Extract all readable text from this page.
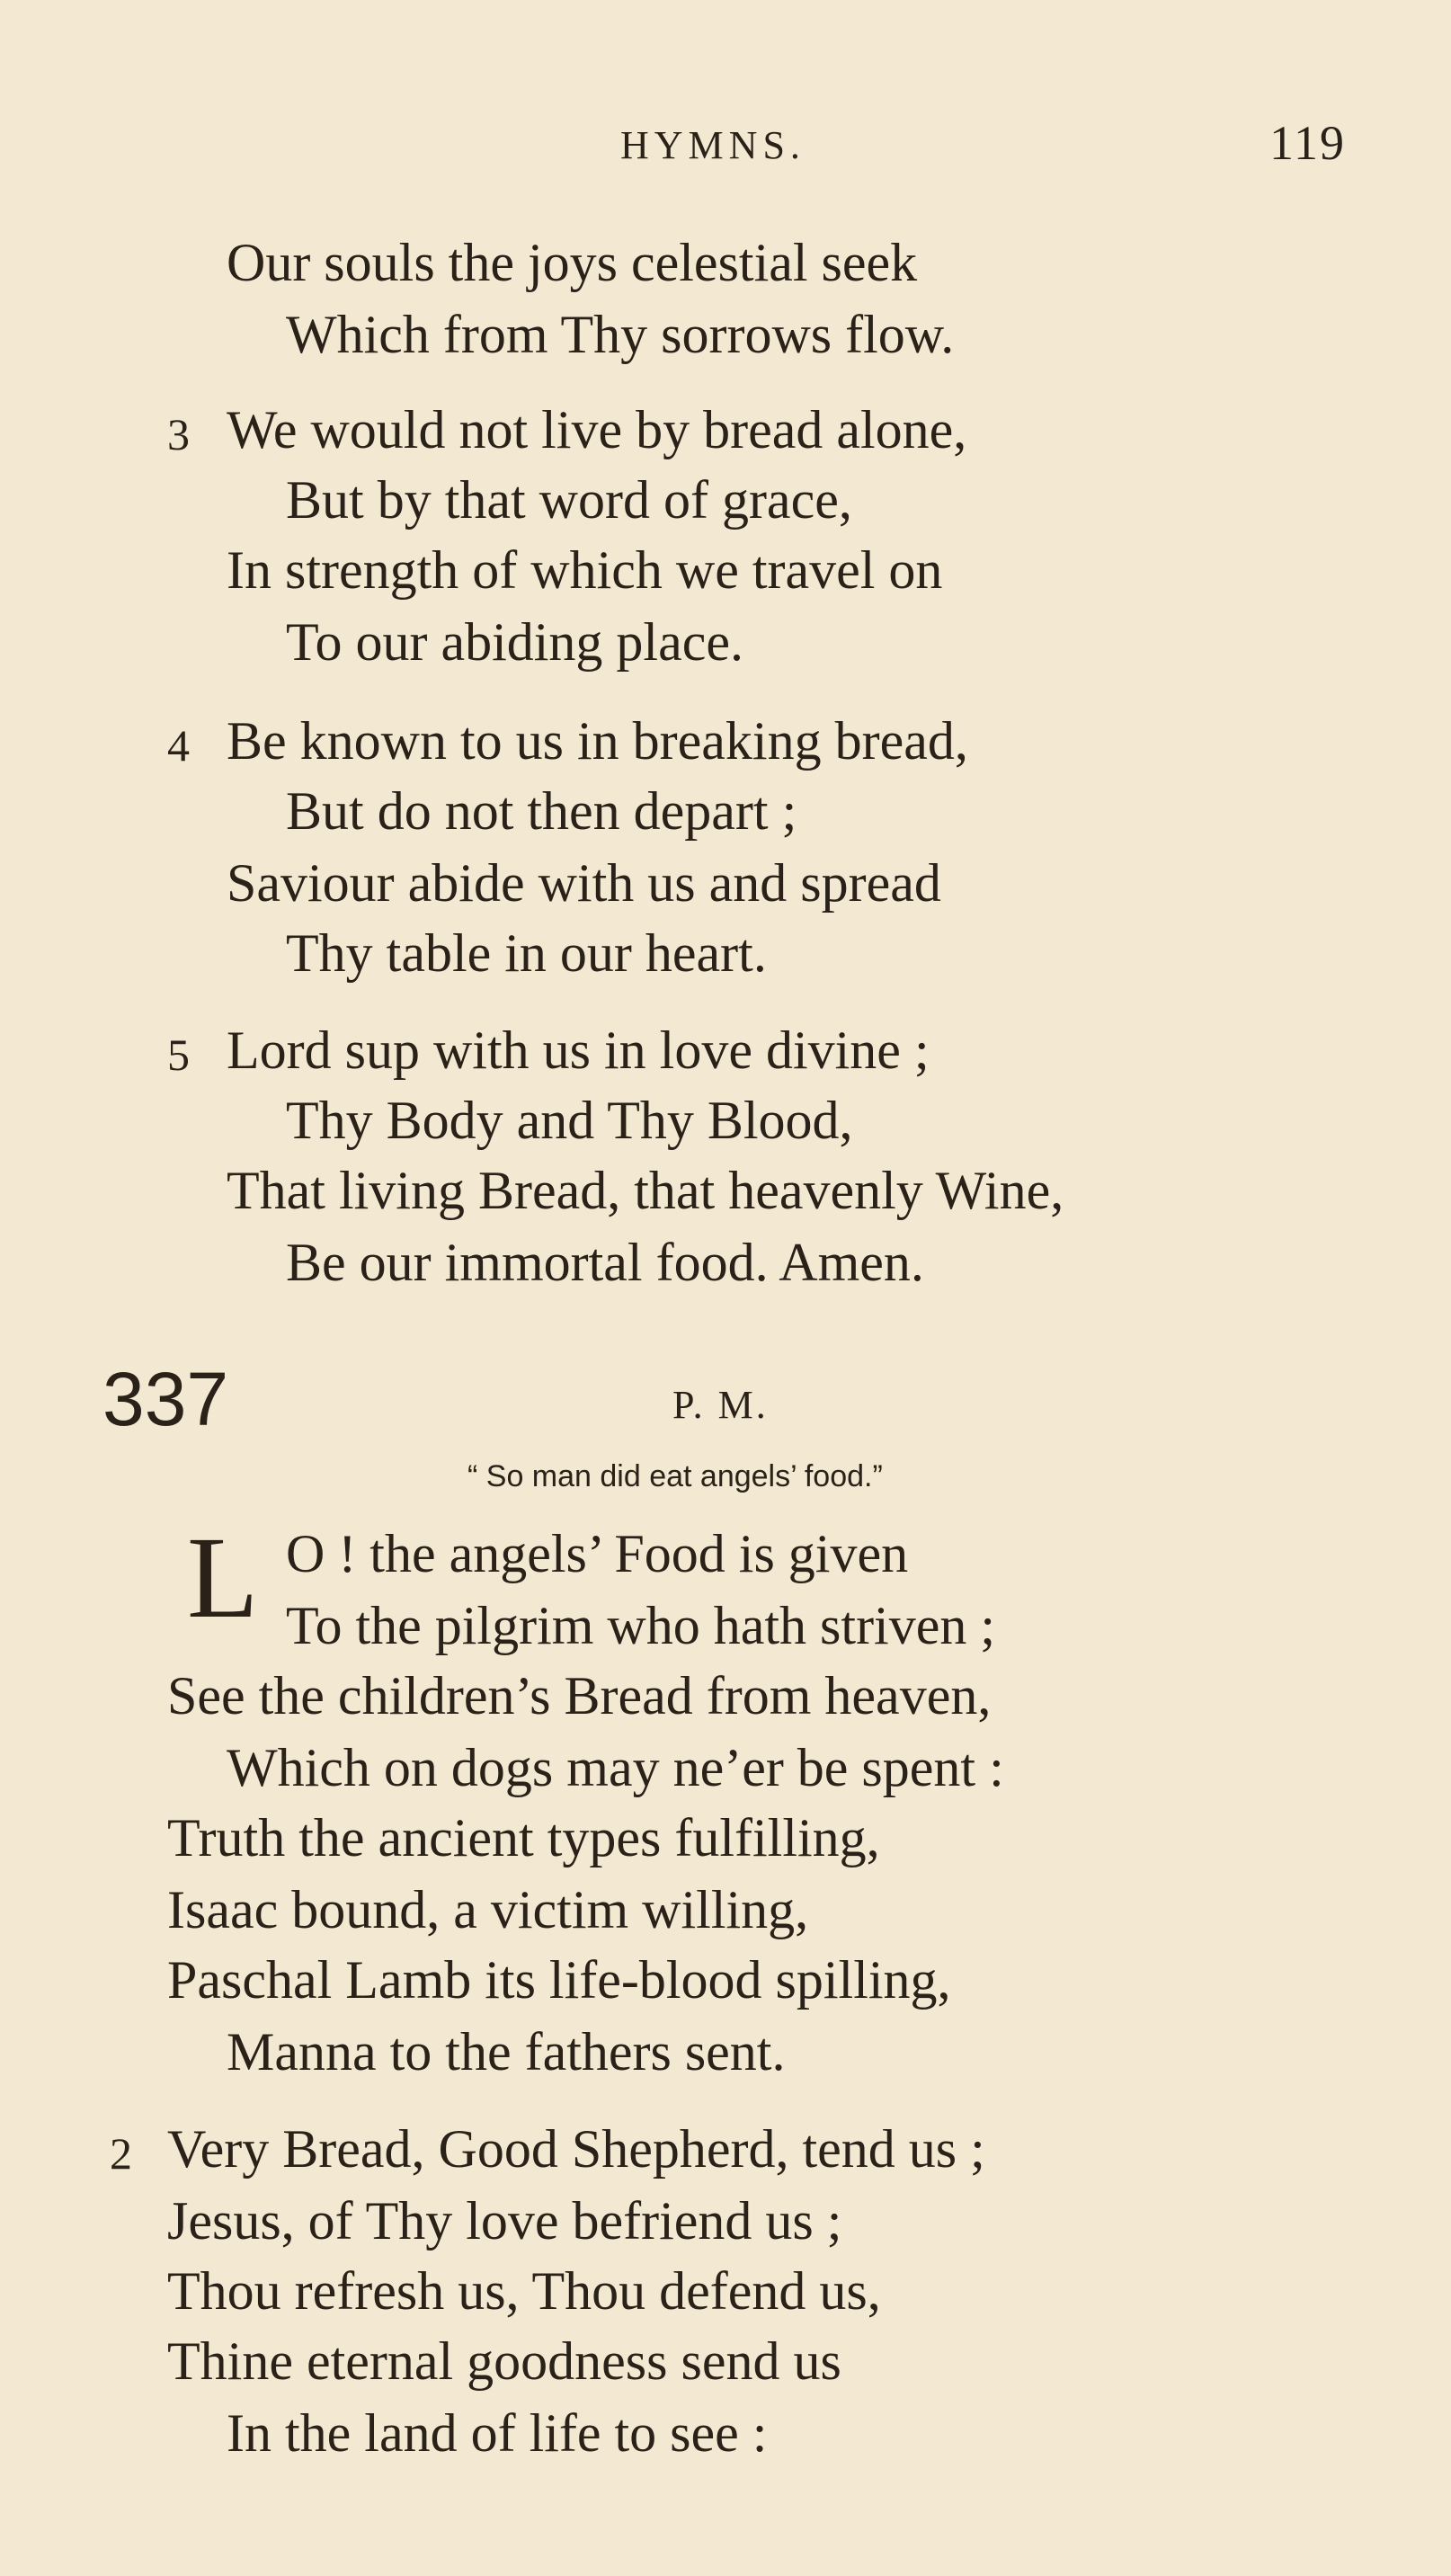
HYMNS.	119
Our souls the joys celestial seek
Which from Thy sorrows flow.
3 We would not live by bread alone,
But by that word of grace,
In strength of which we travel on
To our abiding place.
4 Be known to us in breaking bread,
But do not then depart ;
Saviour abide with us and spread
Thy table in our heart.
5 Lord sup with us in love divine ;
Thy Body and Thy Blood,
That living Bread, that heavenly Wine,
Be our immortal food. Amen.
337	P. M.
“ So man did eat angels’ food.”
L O ! the angels’ Food is given
To the pilgrim who hath striven ;
See the children’s Bread from heaven,
Which on dogs may ne’er be spent :
Truth the ancient types fulfilling,
Isaac bound, a victim willing,
Paschal Lamb its life-blood spilling,
Manna to the fathers sent.
2 Very Bread, Good Shepherd, tend us ;
Jesus, of Thy love befriend us ;
Thou refresh us, Thou defend us,
Thine eternal goodness send us
In the land of life to see :
